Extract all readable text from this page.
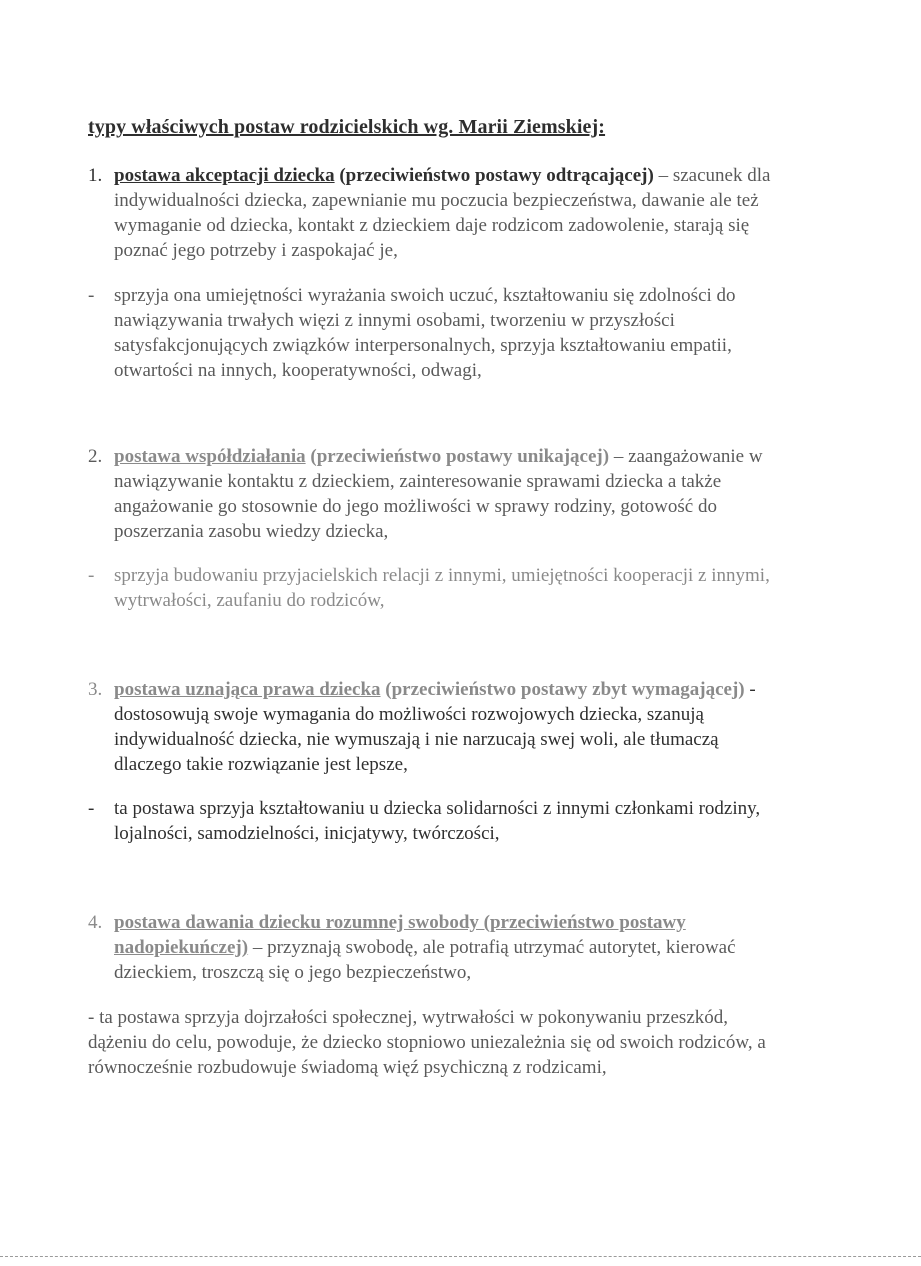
typy właściwych postaw rodzicielskich wg. Marii Ziemskiej:
1. postawa akceptacji dziecka (przeciwieństwo postawy odtrącającej) – szacunek dla indywidualności dziecka, zapewnianie mu poczucia bezpieczeństwa, dawanie ale też wymaganie od dziecka, kontakt z dzieckiem daje rodzicom zadowolenie, starają się poznać jego potrzeby i zaspokajać je,
-	sprzyja ona umiejętności wyrażania swoich uczuć, kształtowaniu się zdolności do nawiązywania trwałych więzi z innymi osobami, tworzeniu w przyszłości satysfakcjonujących związków interpersonalnych, sprzyja kształtowaniu empatii, otwartości na innych, kooperatywności, odwagi,
2. postawa współdziałania (przeciwieństwo postawy unikającej) – zaangażowanie w nawiązywanie kontaktu z dzieckiem, zainteresowanie sprawami dziecka a także angażowanie go stosownie do jego możliwości w sprawy rodziny, gotowość do poszerzania zasobu wiedzy dziecka,
-	sprzyja budowaniu przyjacielskich relacji z innymi, umiejętności kooperacji z innymi, wytrwałości, zaufaniu do rodziców,
3. postawa uznająca prawa dziecka (przeciwieństwo postawy zbyt wymagającej) - dostosowują swoje wymagania do możliwości rozwojowych dziecka, szanują indywidualność dziecka, nie wymuszają i nie narzucają swej woli, ale tłumaczą dlaczego takie rozwiązanie jest lepsze,
-	ta postawa sprzyja kształtowaniu u dziecka solidarności z innymi członkami rodziny, lojalności, samodzielności, inicjatywy, twórczości,
4. postawa dawania dziecku rozumnej swobody (przeciwieństwo postawy nadopiekuńczej) – przyznają swobodę, ale potrafią utrzymać autorytet, kierować dzieckiem, troszczą się o jego bezpieczeństwo,
- ta postawa sprzyja dojrzałości społecznej, wytrwałości w pokonywaniu przeszkód, dążeniu do celu, powoduje, że dziecko stopniowo uniezależnia się od swoich rodziców, a równocześnie rozbudowuje świadomą więź psychiczną z rodzicami,
